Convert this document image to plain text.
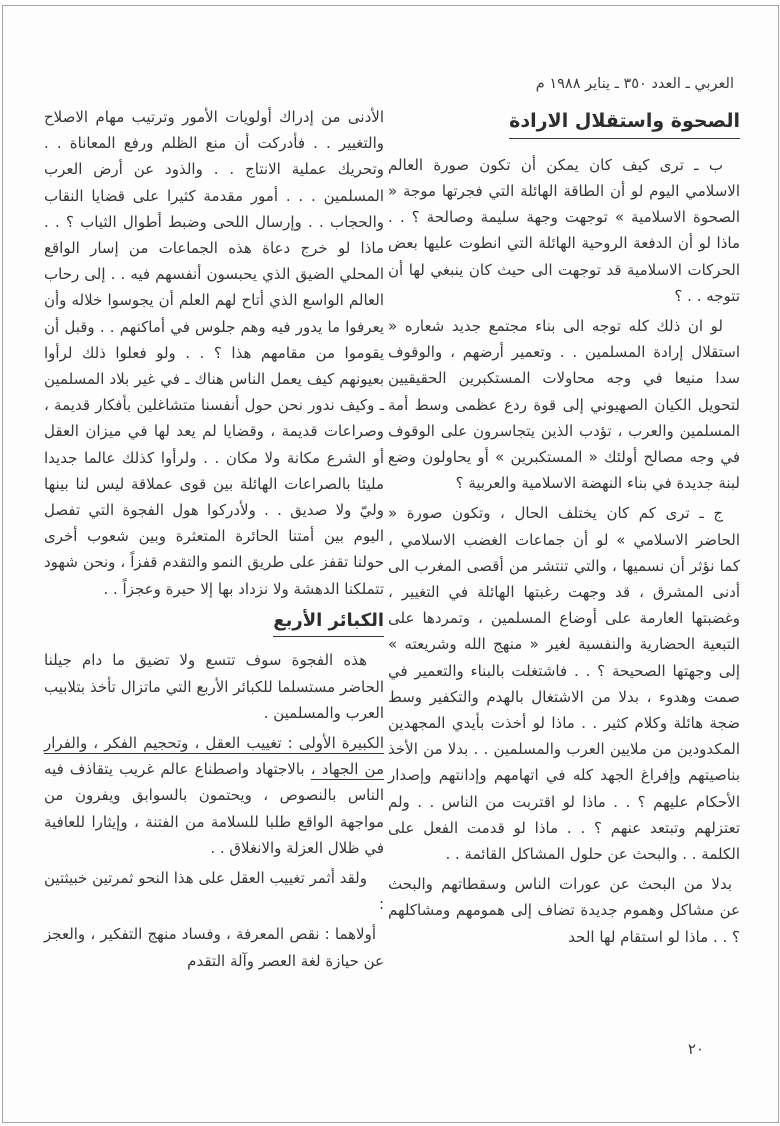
العربي ـ العدد ٣٥٠ ـ يناير ١٩٨٨ م
الصحوة واستقلال الارادة

ب ـ ترى كيف كان يمكن أن تكون صورة العالم الاسلامي اليوم لو أن الطاقة الهائلة التي فجرتها موجة « الصحوة الاسلامية » توجهت وجهة سليمة وصالحة ؟ . . ماذا لو أن الدفعة الروحية الهائلة التي انطوت عليها بعض الحركات الاسلامية قد توجهت الى حيث كان ينبغي لها أن تتوجه . . ؟

لو ان ذلك كله توجه الى بناء مجتمع جديد شعاره « استقلال إرادة المسلمين . . وتعمير أرضهم ، والوقوف سدا منيعا في وجه محاولات المستكبرين الحقيقيين لتحويل الكيان الصهيوني إلى قوة ردع عظمى وسط أمة المسلمين والعرب ، تؤدب الذين يتجاسرون على الوقوف في وجه مصالح أولئك « المستكبرين » أو يحاولون وضع لبنة جديدة في بناء النهضة الاسلامية والعربية ؟

ج ـ ترى كم كان يختلف الحال ، وتكون صورة « الحاضر الاسلامي » لو أن جماعات الغضب الاسلامي ، كما نؤثر أن نسميها ، والتي تنتشر من أقصى المغرب الى أدنى المشرق ، قد وجهت رغبتها الهائلة في التغيير ، وغضبتها العارمة على أوضاع المسلمين ، وتمردها على التبعية الحضارية والنفسية لغير « منهج الله وشريعته » إلى وجهتها الصحيحة ؟ . . فاشتغلت بالبناء والتعمير في صمت وهدوء ، بدلا من الاشتغال بالهدم والتكفير وسط ضجة هائلة وكلام كثير . . ماذا لو أخذت بأيدي المجهدين المكدودين من ملايين العرب والمسلمين . . بدلا من الأخذ بناصيتهم وإفراغ الجهد كله في اتهامهم وإدانتهم وإصدار الأحكام عليهم ؟ . . ماذا لو اقتربت من الناس . . ولم تعتزلهم وتبتعد عنهم ؟ . . ماذا لو قدمت الفعل على الكلمة . . والبحث عن حلول المشاكل القائمة . .

بدلا من البحث عن عورات الناس وسقطاتهم والبحث عن مشاكل وهموم جديدة تضاف إلى همومهم ومشاكلهم ؟ . . ماذا لو استقام لها الحد

الأدنى من إدراك أولويات الأمور وترتيب مهام الاصلاح والتغيير . . فأدركت أن منع الظلم ورفع المعاناة . . وتحريك عملية الانتاج . . والذود عن أرض العرب المسلمين . . . أمور مقدمة كثيرا على قضايا النقاب والحجاب . . وإرسال اللحى وضبط أطوال الثياب ؟ . . ماذا لو خرج دعاة هذه الجماعات من إسار الواقع المحلي الضيق الذي يحبسون أنفسهم فيه . . إلى رحاب العالم الواسع الذي أتاح لهم العلم أن يجوسوا خلاله وأن يعرفوا ما يدور فيه وهم جلوس في أماكنهم . . وقبل أن يقوموا من مقامهم هذا ؟ . . ولو فعلوا ذلك لرأوا بعيونهم كيف يعمل الناس هناك ـ في غير بلاد المسلمين ـ وكيف ندور نحن حول أنفسنا متشاغلين بأفكار قديمة ، وصراعات قديمة ، وقضايا لم يعد لها في ميزان العقل أو الشرع مكانة ولا مكان . . ولرأوا كذلك عالما جديدا مليئا بالصراعات الهائلة بين قوى عملاقة ليس لنا بينها وليّ ولا صديق . . ولأدركوا هول الفجوة التي تفصل اليوم بين أمتنا الحائرة المتعثرة وبين شعوب أخرى حولنا تقفز على طريق النمو والتقدم قفزاً ، ونحن شهود تتملكنا الدهشة ولا نزداد بها إلا حيرة وعجزاً . .

الكبائر الأربع

هذه الفجوة سوف تتسع ولا تضيق ما دام جيلنا الحاضر مستسلما للكبائر الأربع التي ماتزال تأخذ بتلابيب العرب والمسلمين .

الكبيرة الأولى : تغييب العقل ، وتحجيم الفكر ، والفرار من الجهاد ، بالاجتهاد واصطناع عالم غريب يتقاذف فيه الناس بالنصوص ، ويحتمون بالسوابق ويفرون من مواجهة الواقع طلبا للسلامة من الفتنة ، وإيثارا للعافية في ظلال العزلة والانغلاق . .

ولقد أثمر تغييب العقل على هذا النحو ثمرتين خبيثتين :

أولاهما : نقص المعرفة ، وفساد منهج التفكير ، والعجز عن حيازة لغة العصر وآلة التقدم

٢٠
